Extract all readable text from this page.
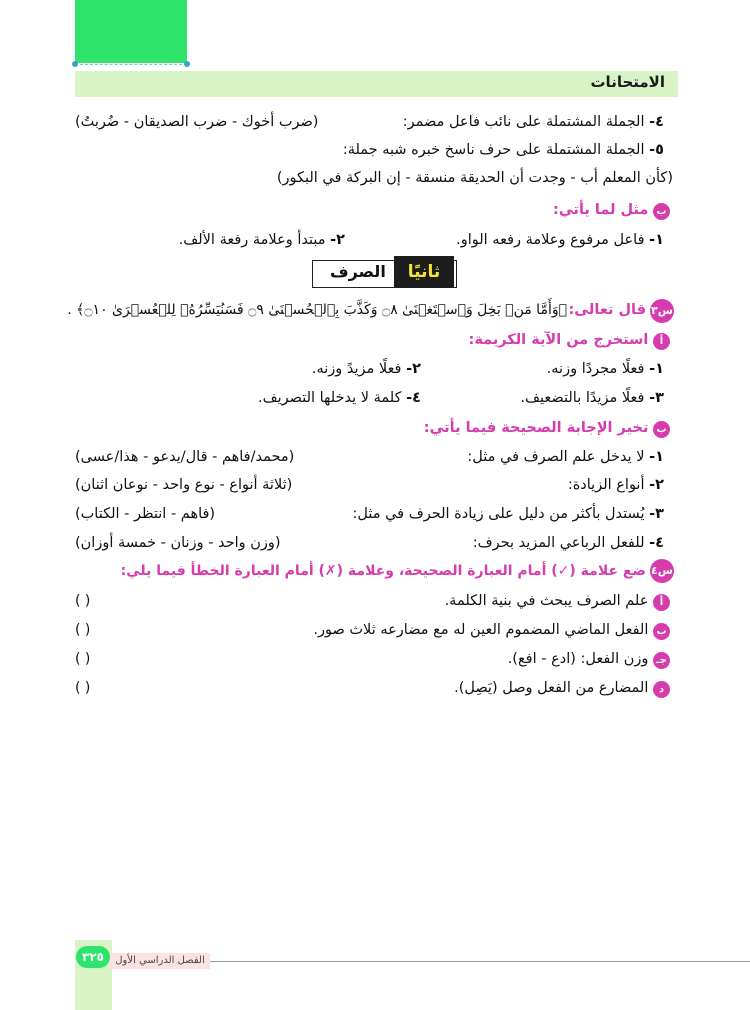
الامتحانات
٤- الجملة المشتملة على نائب فاعل مضمر:
(ضرب أخوك - ضرب الصديقان - ضُربتُ)
٥- الجملة المشتملة على حرف ناسخ خبره شبه جملة:
(كأن المعلم أب - وجدت أن الحديقة منسقة - إن البركة في البكور)
ب مثل لما يأتي:
١- فاعل مرفوع وعلامة رفعه الواو.
٢- مبتدأ وعلامة رفعة الألف.
ثانيًا
الصرف
س٣
قال تعالى:
﴿وَأَمَّا مَنۢ بَخِلَ وَٱسۡتَغۡنَىٰ ۝٨ وَكَذَّبَ بِٱلۡحُسۡنَىٰ ۝٩ فَسَنُيَسِّرُهُۥ لِلۡعُسۡرَىٰ ۝١٠﴾ .
أ استخرج من الآية الكريمة:
١- فعلًا مجردًا وزنه.
٢- فعلًا مزيدً وزنه.
٣- فعلًا مزيدًا بالتضعيف.
٤- كلمة لا يدخلها التصريف.
ب تخير الإجابة الصحيحة فيما يأتي:
١- لا يدخل علم الصرف في مثل:
(محمد/فاهم - قال/يدعو - هذا/عسى)
٢- أنواع الزيادة:
(ثلاثة أنواع - نوع واحد - نوعان اثنان)
٣- يُستدل بأكثر من دليل على زيادة الحرف في مثل:
(فاهم - انتظر - الكتاب)
٤- للفعل الرباعي المزيد بحرف:
(وزن واحد - وزنان - خمسة أوزان)
س٤
ضع علامة (✓) أمام العبارة الصحيحة، وعلامة (✗) أمام العبارة الخطأ فيما يلي:
أ علم الصرف يبحث في بنية الكلمة.
( )
ب الفعل الماضي المضموم العين له مع مضارعه ثلاث صور.
( )
جـ وزن الفعل: (ادع - افع).
( )
د المضارع من الفعل وصل (يَصِل).
( )
الفصل الدراسي الأول
٣٢٥
